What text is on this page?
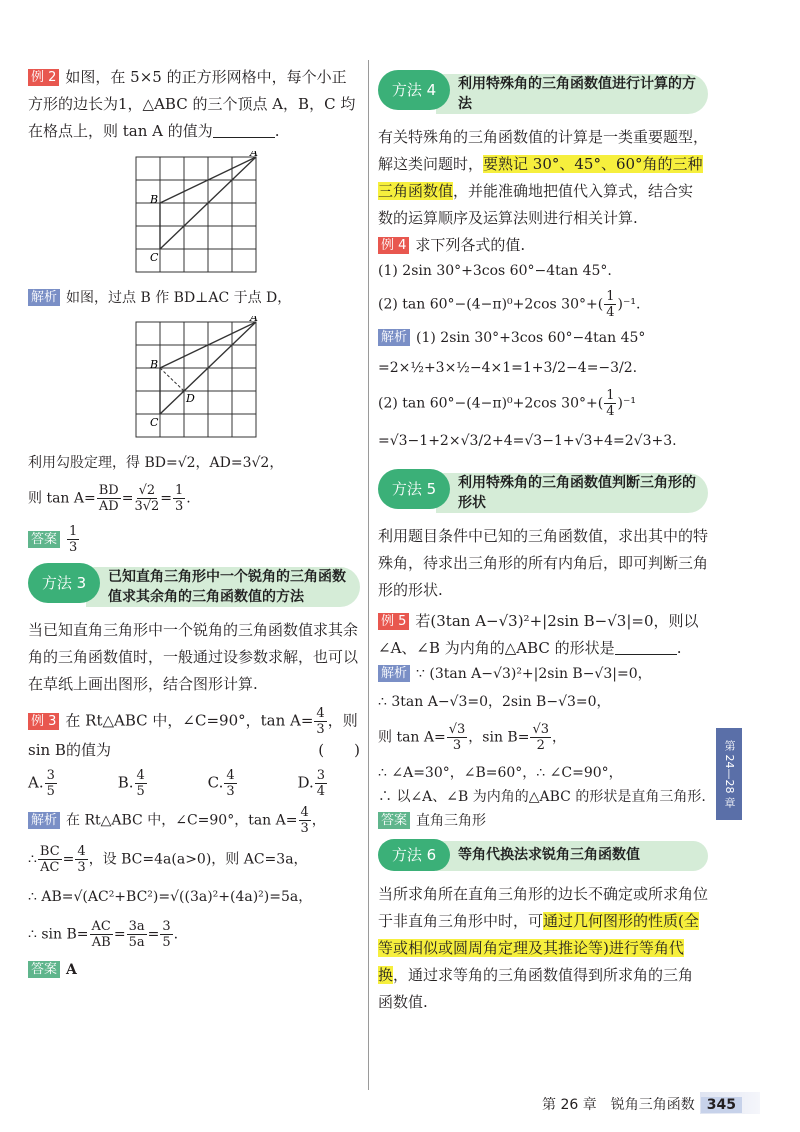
例 2 如图，在 5×5 的正方形网格中，每个小正方形的边长为1，△ABC 的三个顶点 A，B，C 均在格点上，则 tan A 的值为	.

A
B
C

解析 如图，过点 B 作 BD⊥AC 于点 D，

A
B
C
D

利用勾股定理，得 BD=√2，AD=3√2，

则 $\tan A= \frac{BD}{AD} = \frac{√2}{3√2} = \frac{1}{3}$ .

答案 $\frac{1}{3}$

方法 3	已知直角三角形中一个锐角的三角函数值求其余角的三角函数值的方法

当已知直角三角形中一个锐角的三角函数值求其余角的三角函数值时，一般通过设参数求解，也可以在草纸上画出图形，结合图形计算.

例 3 在 Rt△ABC 中，∠C=90°，$\tan A= \frac{4}{3}$ ，则

sin B的值为	(　　)

A. $\frac{3}{5}$	B. $\frac{4}{5}$	C. $\frac{4}{3}$	D. $\frac{3}{4}$

解析 在 Rt△ABC 中，∠C=90°，$\tan A= \frac{4}{3}$ ，

∴ $\frac{BC}{AC} = \frac{4}{3}$ ，设 BC=4a(a>0)，则 AC=3a，

∴ AB=√(AC²+BC²)=√((3a)²+(4a)²)=5a，

∴ $\sin B= \frac{AC}{AB} = \frac{3a}{5a} = \frac{3}{5}$ .

答案 A

方法 4	利用特殊角的三角函数值进行计算的方法

有关特殊角的三角函数值的计算是一类重要题型，解这类问题时，要熟记 30°、45°、60°角的三种三角函数值，并能准确地把值代入算式，结合实数的运算顺序及运算法则进行相关计算.

例 4 求下列各式的值.

(1) 2sin 30°+3cos 60°−4tan 45°.

(2) tan 60°−(4−π)⁰+2cos $30^\circ+( \frac{1}{4} )^{-1}$.

解析 (1) 2sin 30°+3cos 60°−4tan 45°

=2×½+3×½−4×1=1+3/2−4=−3/2.

(2) tan 60°−(4−π)⁰+2cos $30^\circ+( \frac{1}{4} )^{-1}$

=√3−1+2×√3/2+4=√3−1+√3+4=2√3+3.

方法 5	利用特殊角的三角函数值判断三角形的形状

利用题目条件中已知的三角函数值，求出其中的特殊角，待求出三角形的所有内角后，即可判断三角形的形状.

例 5 若(3tan A−√3)²+|2sin B−√3|=0，则以∠A、∠B 为内角的△ABC 的形状是	.

解析 ∵ (3tan A−√3)²+|2sin B−√3|=0，

∴ 3tan A−√3=0，2sin B−√3=0，

则 $\tan A= \frac{√3}{3}$ ，$\sin B= \frac{√3}{2}$ ，

∴ ∠A=30°，∠B=60°，∴ ∠C=90°，

∴ 以∠A、∠B 为内角的△ABC 的形状是直角三角形.

答案 直角三角形

方法 6	等角代换法求锐角三角函数值

当所求角所在直角三角形的边长不确定或所求角位于非直角三角形中时，可通过几何图形的性质(全等或相似或圆周角定理及其推论等)进行等角代换，通过求等角的三角函数值得到所求角的三角函数值.

第 24—28 章
第 26 章　锐角三角函数 345
